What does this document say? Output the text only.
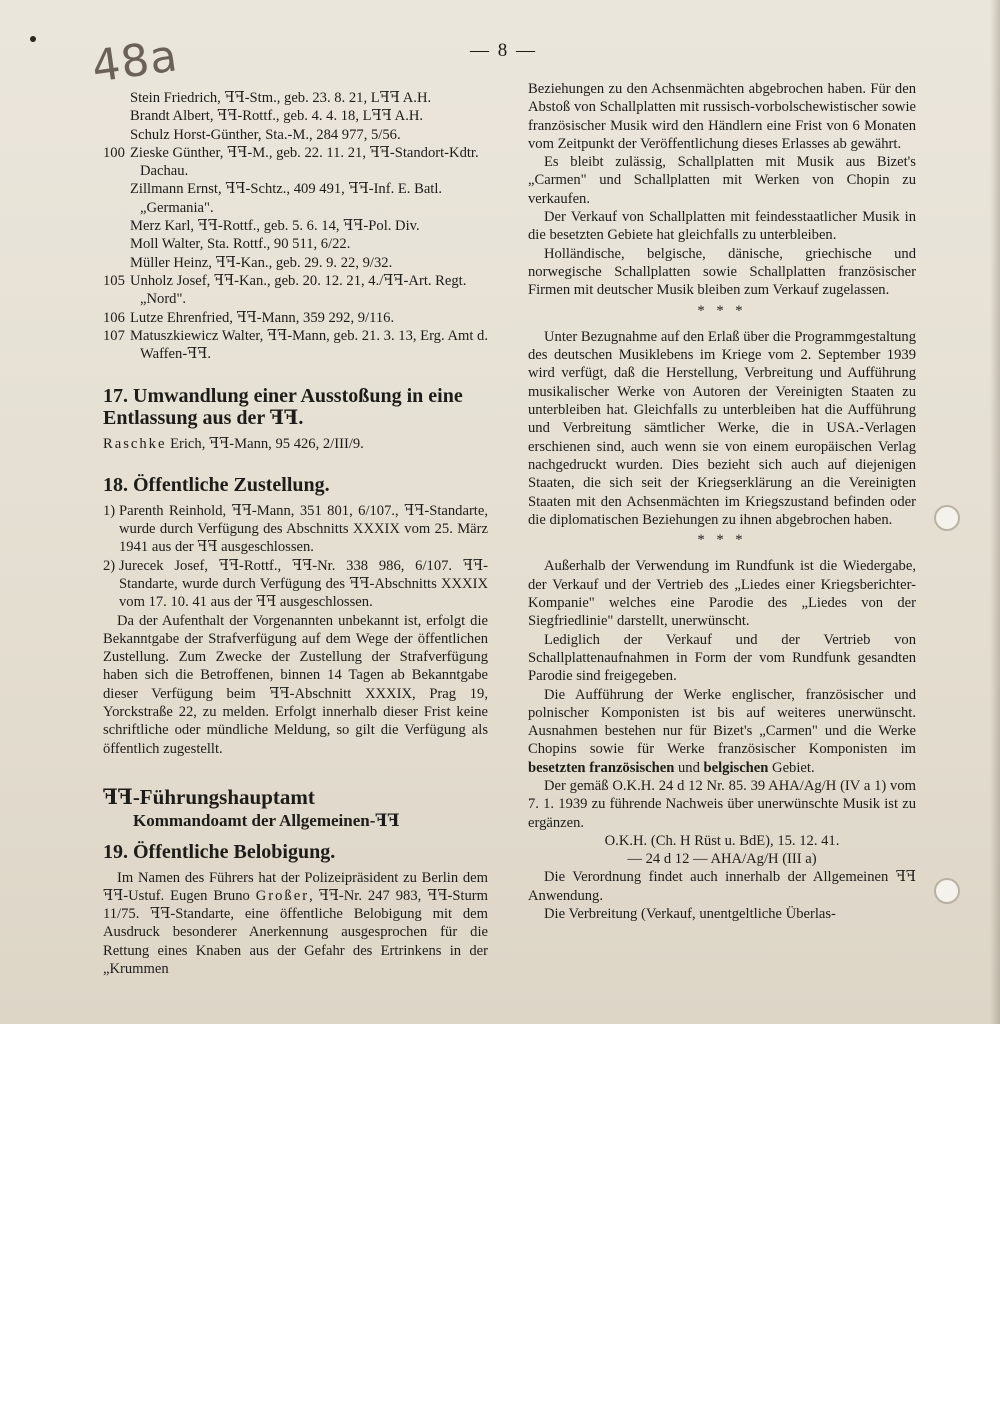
48a	— 8 —
Stein Friedrich, ꟻꟻ-Stm., geb. 23. 8. 21, Lꟻꟻ A.H.
Brandt Albert, ꟻꟻ-Rottf., geb. 4. 4. 18, Lꟻꟻ A.H.
Schulz Horst-Günther, Sta.-M., 284 977, 5/56.
100 Zieske Günther, ꟻꟻ-M., geb. 22. 11. 21, ꟻꟻ-Standort-Kdtr. Dachau.
Zillmann Ernst, ꟻꟻ-Schtz., 409 491, ꟻꟻ-Inf. E. Batl. „Germania".
Merz Karl, ꟻꟻ-Rottf., geb. 5. 6. 14, ꟻꟻ-Pol. Div.
Moll Walter, Sta. Rottf., 90 511, 6/22.
Müller Heinz, ꟻꟻ-Kan., geb. 29. 9. 22, 9/32.
105 Unholz Josef, ꟻꟻ-Kan., geb. 20. 12. 21, 4./ꟻꟻ-Art. Regt. „Nord".
106 Lutze Ehrenfried, ꟻꟻ-Mann, 359 292, 9/116.
107 Matuszkiewicz Walter, ꟻꟻ-Mann, geb. 21. 3. 13, Erg. Amt d. Waffen-ꟻꟻ.
17. Umwandlung einer Ausstoßung in eine Entlassung aus der ꟻꟻ.

Raschke Erich, ꟻꟻ-Mann, 95 426, 2/III/9.

18. Öffentliche Zustellung.
1) Parenth Reinhold, ꟻꟻ-Mann, 351 801, 6/107., ꟻꟻ-Standarte, wurde durch Verfügung des Abschnitts XXXIX vom 25. März 1941 aus der ꟻꟻ ausgeschlossen.
2) Jurecek Josef, ꟻꟻ-Rottf., ꟻꟻ-Nr. 338 986, 6/107. ꟻꟻ-Standarte, wurde durch Verfügung des ꟻꟻ-Abschnitts XXXIX vom 17. 10. 41 aus der ꟻꟻ ausgeschlossen.

Da der Aufenthalt der Vorgenannten unbekannt ist, erfolgt die Bekanntgabe der Strafverfügung auf dem Wege der öffentlichen Zustellung. Zum Zwecke der Zustellung der Strafverfügung haben sich die Betroffenen, binnen 14 Tagen ab Bekanntgabe dieser Verfügung beim ꟻꟻ-Abschnitt XXXIX, Prag 19, Yorckstraße 22, zu melden. Erfolgt innerhalb dieser Frist keine schriftliche oder mündliche Meldung, so gilt die Verfügung als öffentlich zugestellt.

ꟻꟻ-Führungshauptamt
Kommandoamt der Allgemeinen-ꟻꟻ
19. Öffentliche Belobigung.

Im Namen des Führers hat der Polizeipräsident zu Berlin dem ꟻꟻ-Ustuf. Eugen Bruno Großer, ꟻꟻ-Nr. 247 983, ꟻꟻ-Sturm 11/75. ꟻꟻ-Standarte, eine öffentliche Belobigung mit dem Ausdruck besonderer Anerkennung ausgesprochen für die Rettung eines Knaben aus der Gefahr des Ertrinkens in der „Krummen

Beziehungen zu den Achsenmächten abgebrochen haben. Für den Abstoß von Schallplatten mit russisch-vorbolschewistischer sowie französischer Musik wird den Händlern eine Frist von 6 Monaten vom Zeitpunkt der Veröffentlichung dieses Erlasses ab gewährt.

Es bleibt zulässig, Schallplatten mit Musik aus Bizet's „Carmen" und Schallplatten mit Werken von Chopin zu verkaufen.

Der Verkauf von Schallplatten mit feindesstaatlicher Musik in die besetzten Gebiete hat gleichfalls zu unterbleiben.

Holländische, belgische, dänische, griechische und norwegische Schallplatten sowie Schallplatten französischer Firmen mit deutscher Musik bleiben zum Verkauf zugelassen.

* * *

Unter Bezugnahme auf den Erlaß über die Programmgestaltung des deutschen Musiklebens im Kriege vom 2. September 1939 wird verfügt, daß die Herstellung, Verbreitung und Aufführung musikalischer Werke von Autoren der Vereinigten Staaten zu unterbleiben hat. Gleichfalls zu unterbleiben hat die Aufführung und Verbreitung sämtlicher Werke, die in USA.-Verlagen erschienen sind, auch wenn sie von einem europäischen Verlag nachgedruckt wurden. Dies bezieht sich auch auf diejenigen Staaten, die sich seit der Kriegserklärung an die Vereinigten Staaten mit den Achsenmächten im Kriegszustand befinden oder die diplomatischen Beziehungen zu ihnen abgebrochen haben.

* * *

Außerhalb der Verwendung im Rundfunk ist die Wiedergabe, der Verkauf und der Vertrieb des „Liedes einer Kriegsberichter-Kompanie" welches eine Parodie des „Liedes von der Siegfriedlinie" darstellt, unerwünscht.

Lediglich der Verkauf und der Vertrieb von Schallplattenaufnahmen in Form der vom Rundfunk gesandten Parodie sind freigegeben.

Die Aufführung der Werke englischer, französischer und polnischer Komponisten ist bis auf weiteres unerwünscht. Ausnahmen bestehen nur für Bizet's „Carmen" und die Werke Chopins sowie für Werke französischer Komponisten im besetzten französischen und belgischen Gebiet.

Der gemäß O.K.H. 24 d 12 Nr. 85. 39 AHA/Ag/H (IV a 1) vom 7. 1. 1939 zu führende Nachweis über unerwünschte Musik ist zu ergänzen.

O.K.H. (Ch. H Rüst u. BdE), 15. 12. 41.

— 24 d 12 — AHA/Ag/H (III a)

Die Verordnung findet auch innerhalb der Allgemeinen ꟻꟻ Anwendung.

Die Verbreitung (Verkauf, unentgeltliche Überlas-
